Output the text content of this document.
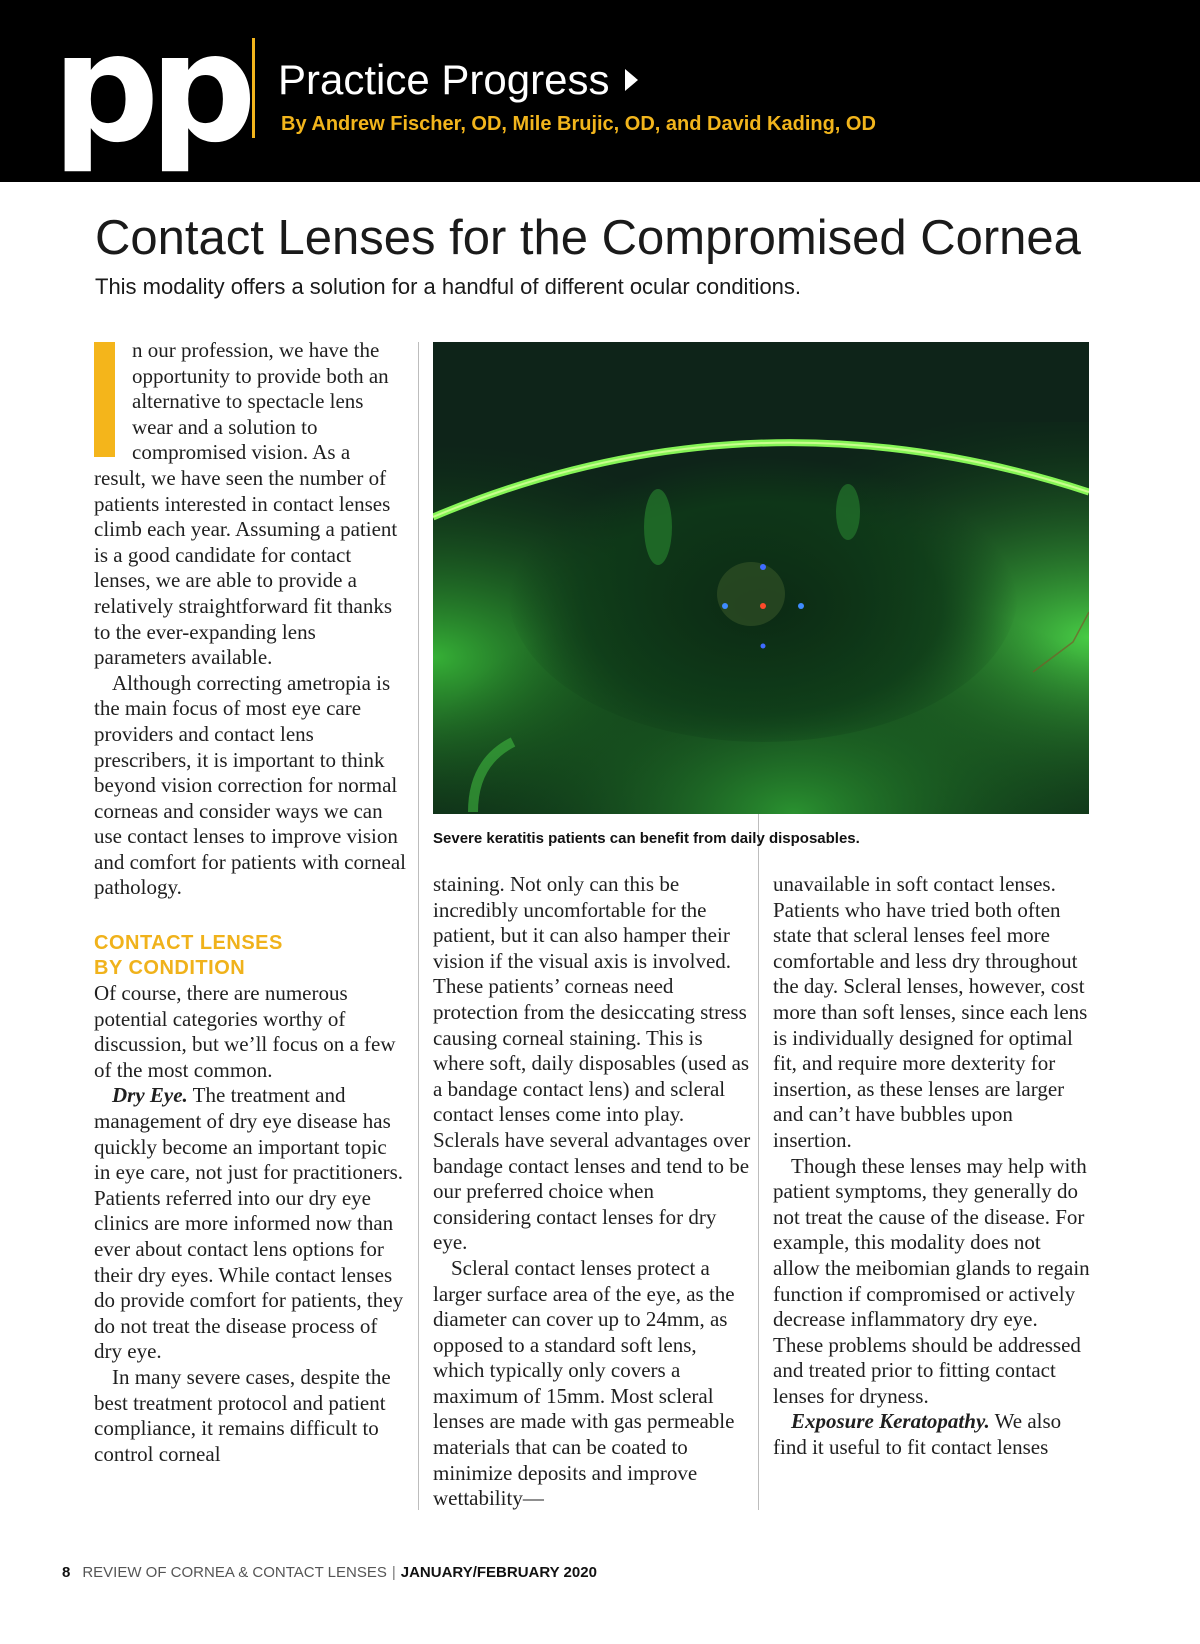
pp Practice Progress
By Andrew Fischer, OD, Mile Brujic, OD, and David Kading, OD
Contact Lenses for the Compromised Cornea
This modality offers a solution for a handful of different ocular conditions.

n our profession, we have the opportunity to provide both an alternative to spectacle lens wear and a solution to compromised vision. As a result, we have seen the number of patients interested in contact lenses climb each year. Assuming a patient is a good candidate for contact lenses, we are able to provide a relatively straightforward fit thanks to the ever-expanding lens parameters available.

Although correcting ametropia is the main focus of most eye care providers and contact lens prescribers, it is important to think beyond vision correction for normal corneas and consider ways we can use contact lenses to improve vision and comfort for patients with corneal pathology.

CONTACT LENSES
BY CONDITION

Of course, there are numerous potential categories worthy of discussion, but we’ll focus on a few of the most common.

Dry Eye. The treatment and management of dry eye disease has quickly become an important topic in eye care, not just for practitioners. Patients referred into our dry eye clinics are more informed now than ever about contact lens options for their dry eyes. While contact lenses do provide comfort for patients, they do not treat the disease process of dry eye.

In many severe cases, despite the best treatment protocol and patient compliance, it remains difficult to control corneal

Severe keratitis patients can benefit from daily disposables.

staining. Not only can this be incredibly uncomfortable for the patient, but it can also hamper their vision if the visual axis is involved. These patients’ corneas need protection from the desiccating stress causing corneal staining. This is where soft, daily disposables (used as a bandage contact lens) and scleral contact lenses come into play. Sclerals have several advantages over bandage contact lenses and tend to be our preferred choice when considering contact lenses for dry eye.

Scleral contact lenses protect a larger surface area of the eye, as the diameter can cover up to 24mm, as opposed to a standard soft lens, which typically only covers a maximum of 15mm. Most scleral lenses are made with gas permeable materials that can be coated to minimize deposits and improve wettability—

unavailable in soft contact lenses. Patients who have tried both often state that scleral lenses feel more comfortable and less dry throughout the day. Scleral lenses, however, cost more than soft lenses, since each lens is individually designed for optimal fit, and require more dexterity for insertion, as these lenses are larger and can’t have bubbles upon insertion.

Though these lenses may help with patient symptoms, they generally do not treat the cause of the disease. For example, this modality does not allow the meibomian glands to regain function if compromised or actively decrease inflammatory dry eye. These problems should be addressed and treated prior to fitting contact lenses for dryness.

Exposure Keratopathy. We also find it useful to fit contact lenses

8 REVIEW OF CORNEA & CONTACT LENSES | JANUARY/FEBRUARY 2020
